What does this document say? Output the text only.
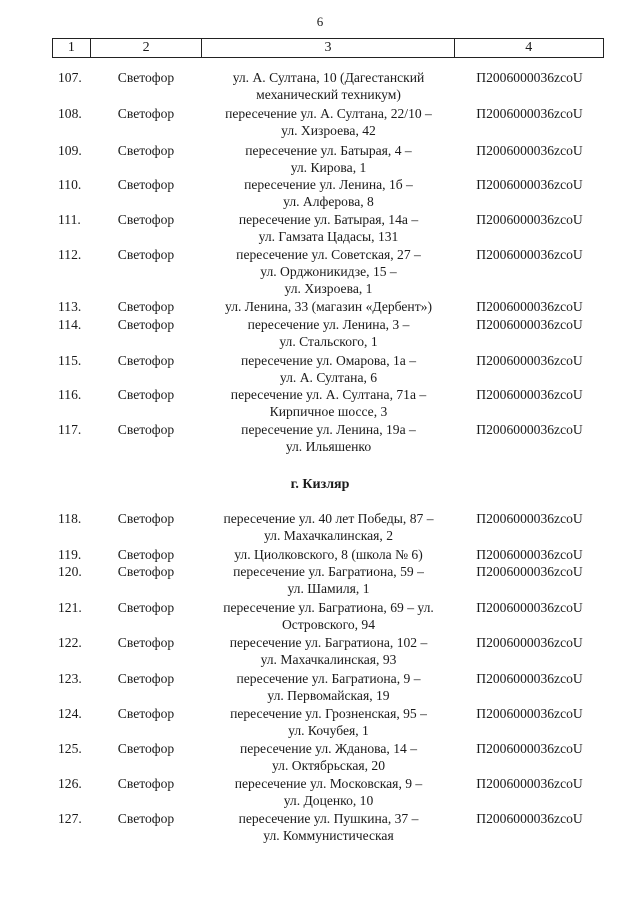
6
1	2	3	4
107.	Светофор	ул. А. Султана, 10 (Дагестанский
механический техникум)
П2006000036zcoU
108.	Светофор	пересечение ул. А. Султана, 22/10 –
ул. Хизроева, 42
П2006000036zcoU
109.	Светофор	пересечение ул. Батырая, 4 –
ул. Кирова, 1
П2006000036zcoU
110.	Светофор	пересечение ул. Ленина, 1б –
ул. Алферова, 8
П2006000036zcoU
111.	Светофор	пересечение ул. Батырая, 14а –
ул. Гамзата Цадасы, 131
П2006000036zcoU
112.	Светофор	пересечение ул. Советская, 27 –
ул. Орджоникидзе, 15 –
ул. Хизроева, 1
П2006000036zcoU
113.	Светофор	ул. Ленина, 33 (магазин «Дербент»)	П2006000036zcoU
114.	Светофор	пересечение ул. Ленина, 3 –
ул. Стальского, 1
П2006000036zcoU
115.	Светофор	пересечение ул. Омарова, 1а –
ул. А. Султана, 6
П2006000036zcoU
116.	Светофор	пересечение ул. А. Султана, 71а –
Кирпичное шоссе, 3
П2006000036zcoU
117.	Светофор	пересечение ул. Ленина, 19а –
ул. Ильяшенко
П2006000036zcoU
г. Кизляр
118.	Светофор	пересечение ул. 40 лет Победы, 87 –
ул. Махачкалинская, 2
П2006000036zcoU
119.	Светофор	ул. Циолковского, 8 (школа № 6)	П2006000036zcoU
120.	Светофор	пересечение ул. Багратиона, 59 –
ул. Шамиля, 1
П2006000036zcoU
121.	Светофор	пересечение ул. Багратиона, 69 – ул.
Островского, 94
П2006000036zcoU
122.	Светофор	пересечение ул. Багратиона, 102 –
ул. Махачкалинская, 93
П2006000036zcoU
123.	Светофор	пересечение ул. Багратиона, 9 –
ул. Первомайская, 19
П2006000036zcoU
124.	Светофор	пересечение ул. Грозненская, 95 –
ул. Кочубея, 1
П2006000036zcoU
125.	Светофор	пересечение ул. Жданова, 14 –
ул. Октябрьская, 20
П2006000036zcoU
126.	Светофор	пересечение ул. Московская, 9 –
ул. Доценко, 10
П2006000036zcoU
127.	Светофор	пересечение ул. Пушкина, 37 –
ул. Коммунистическая
П2006000036zcoU
